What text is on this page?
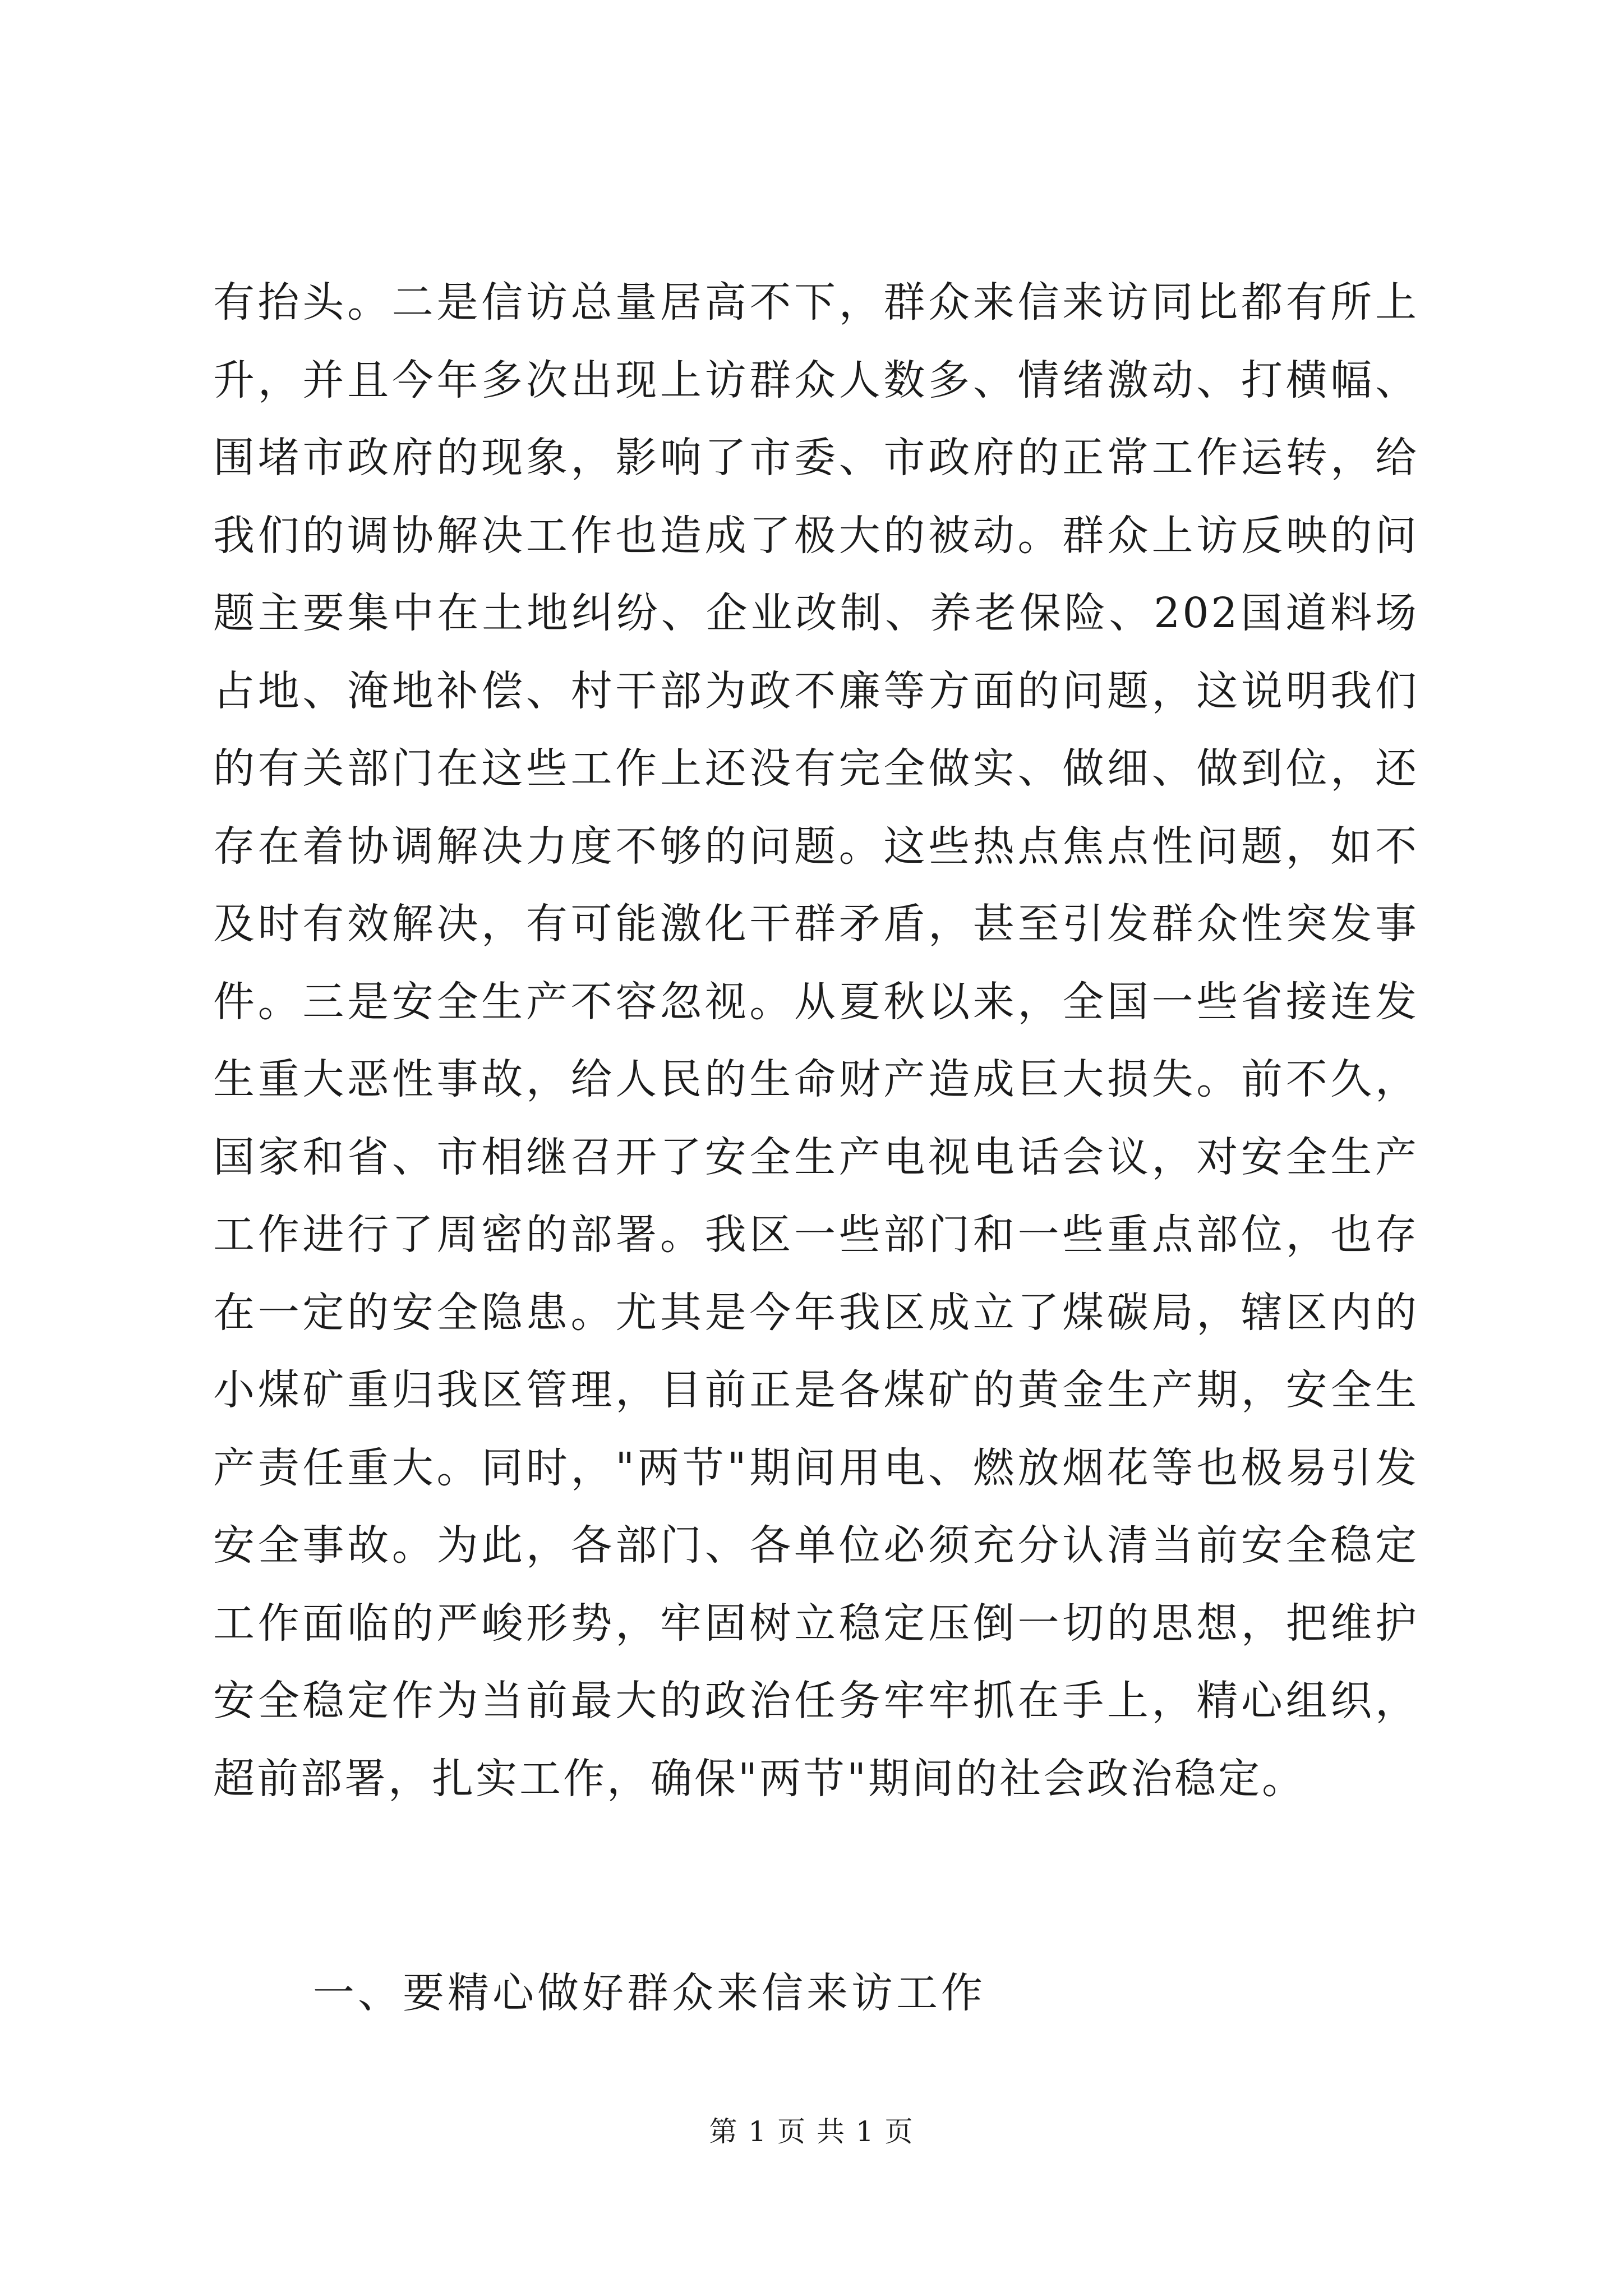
有抬头。二是信访总量居高不下，群众来信来访同比都有所上升，并且今年多次出现上访群众人数多、情绪激动、打横幅、围堵市政府的现象，影响了市委、市政府的正常工作运转，给我们的调协解决工作也造成了极大的被动。群众上访反映的问题主要集中在土地纠纷、企业改制、养老保险、202国道料场占地、淹地补偿、村干部为政不廉等方面的问题，这说明我们的有关部门在这些工作上还没有完全做实、做细、做到位，还存在着协调解决力度不够的问题。这些热点焦点性问题，如不及时有效解决，有可能激化干群矛盾，甚至引发群众性突发事件。三是安全生产不容忽视。从夏秋以来，全国一些省接连发生重大恶性事故，给人民的生命财产造成巨大损失。前不久，国家和省、市相继召开了安全生产电视电话会议，对安全生产工作进行了周密的部署。我区一些部门和一些重点部位，也存在一定的安全隐患。尤其是今年我区成立了煤碳局，辖区内的小煤矿重归我区管理，目前正是各煤矿的黄金生产期，安全生产责任重大。同时，"两节"期间用电、燃放烟花等也极易引发安全事故。为此，各部门、各单位必须充分认清当前安全稳定工作面临的严峻形势，牢固树立稳定压倒一切的思想，把维护安全稳定作为当前最大的政治任务牢牢抓在手上，精心组织，超前部署，扎实工作，确保"两节"期间的社会政治稳定。

一、要精心做好群众来信来访工作

第 1 页 共 1 页
